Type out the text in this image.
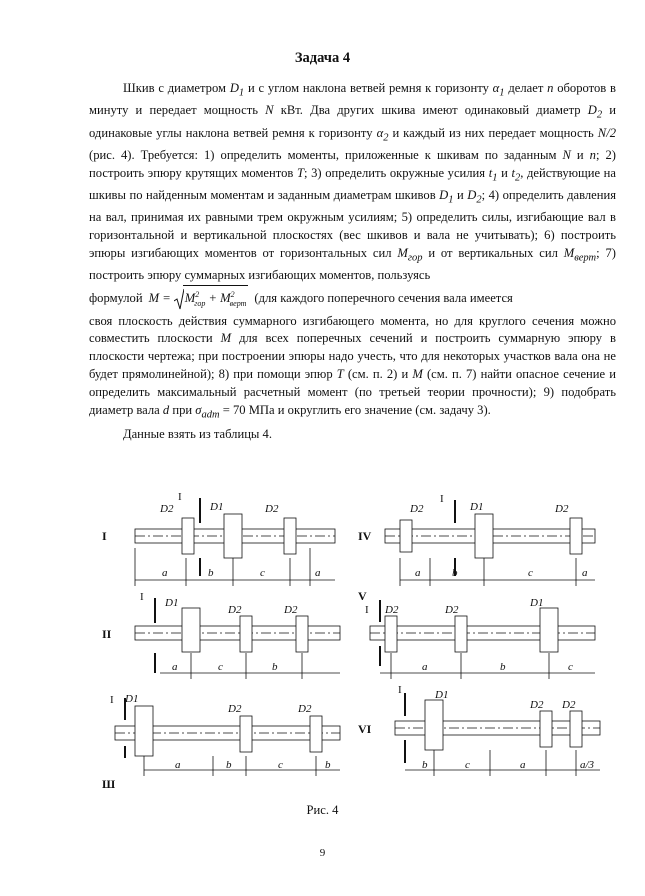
Задача 4

Шкив с диаметром $D_1$ и с углом наклона ветвей ремня к горизонту $\alpha_1$ делает n оборотов в минуту и передает мощность N кВт. Два других шкива имеют одинаковый диаметр $D_2$ и одинаковые углы наклона ветвей ремня к горизонту $\alpha_2$ и каждый из них передает мощность N/2 (рис. 4). Требуется: 1) определить моменты, приложенные к шкивам по заданным N и n; 2) построить эпюру крутящих моментов T; 3) определить окружные усилия $t_1$ и $t_2$, действующие на шкивы по найденным моментам и заданным диаметрам шкивов $D_1$ и $D_2$; 4) определить давления на вал, принимая их равными трем окружным усилиям; 5) определить силы, изгибающие вал в горизонтальной и вертикальной плоскостях (вес шкивов и вала не учитывать); 6) построить эпюры изгибающих моментов от горизонтальных сил $M_{гор}$ и от вертикальных сил $M_{верт}$; 7) построить эпюру суммарных изгибающих моментов, пользуясь

формулой $M = M^2_{гор} + M^2_{верт}$ (для каждого поперечного сечения вала имеется
своя плоскость действия суммарного изгибающего момента, но для круглого сечения можно совместить плоскости M для всех поперечных сечений и построить суммарную эпюру в плоскости чертежа; при построении эпюры надо учесть, что для некоторых участков вала она не будет прямолинейной); 8) при помощи эпюр T (см. п. 2) и M (см. п. 7) найти опасное сечение и определить максимальный расчетный момент (по третьей теории прочности); 9) подобрать диаметр вала d при $\sigma_{adm} = 70$ МПа и округлить его значение (см. задачу 3).
Данные взять из таблицы 4.
I	IV
II
V
Ш
VI
D2	D1	D2
I
a	b	c	a
D2	D1	D2
I
a	b	c	a
D1
D2	D2
I
a	c	b
D2	D2
D1
I
a	b	c
D1
D2	D2
I
a	b	c	b
D1
D2 D2
I
b	c	a	a/3
Рис. 4
9
